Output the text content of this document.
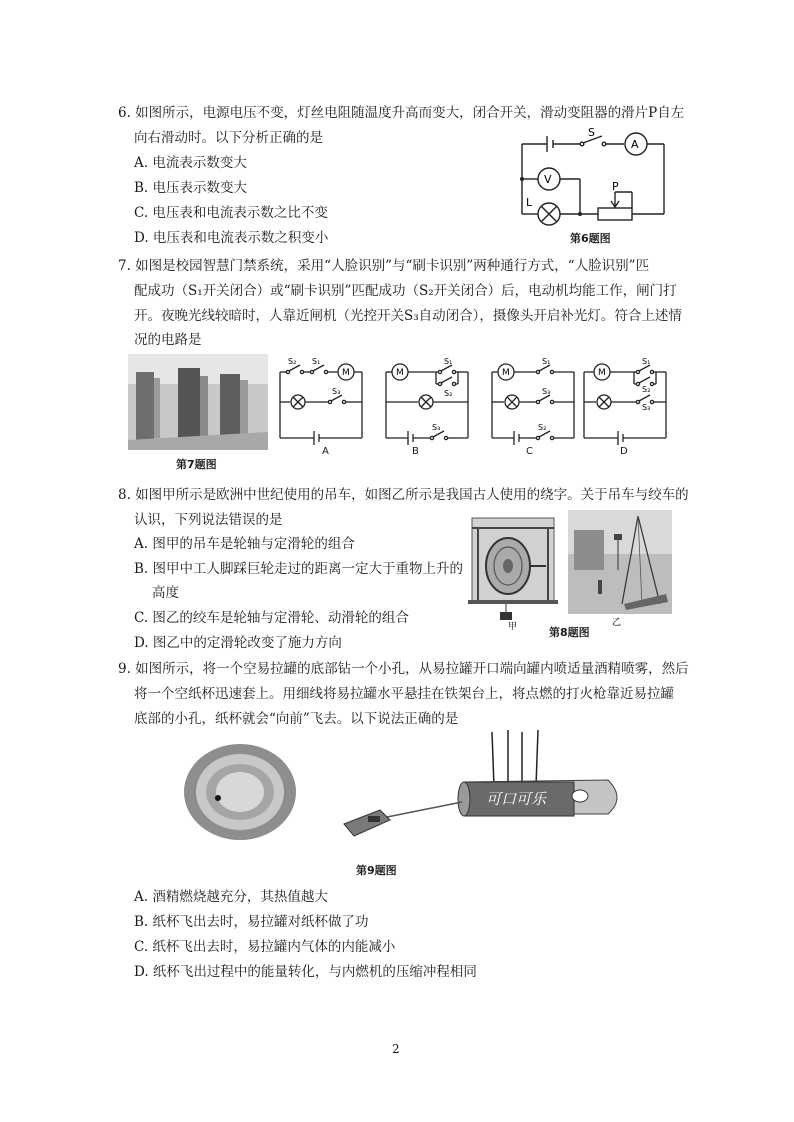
6. 如图所示，电源电压不变，灯丝电阻随温度升高而变大，闭合开关，滑动变阻器的滑片P自左
向右滑动时。以下分析正确的是
A. 电流表示数变大
B. 电压表示数变大
C. 电压表和电流表示数之比不变
D. 电压表和电流表示数之积变小
S
A
V
L
P
第6题图
7. 如图是校园智慧门禁系统，采用“人脸识别”与“刷卡识别”两种通行方式，“人脸识别”匹
配成功（S₁开关闭合）或“刷卡识别”匹配成功（S₂开关闭合）后，电动机均能工作，闸门打
开。夜晚光线较暗时，人靠近闸机（光控开关S₃自动闭合），摄像头开启补光灯。符合上述情
况的电路是
第7题图
S₂ S₁
M
S₃
A
M
S₁
S₂
S₃
B
M
S₁
S₃
S₂
C
M
S₁
S₂
S₃
D
8. 如图甲所示是欧洲中世纪使用的吊车，如图乙所示是我国古人使用的绕字。关于吊车与绞车的
认识，下列说法错误的是
A. 图甲的吊车是轮轴与定滑轮的组合
B. 图甲中工人脚踩巨轮走过的距离一定大于重物上升的
高度
C. 图乙的绞车是轮轴与定滑轮、动滑轮的组合
D. 图乙中的定滑轮改变了施力方向
甲	乙
第8题图
9. 如图所示，将一个空易拉罐的底部钻一个小孔，从易拉罐开口端向罐内喷适量酒精喷雾，然后
将一个空纸杯迅速套上。用细线将易拉罐水平悬挂在铁架台上，将点燃的打火枪靠近易拉罐
底部的小孔，纸杯就会“向前”飞去。以下说法正确的是
可口可乐
第9题图
A. 酒精燃烧越充分，其热值越大
B. 纸杯飞出去时，易拉罐对纸杯做了功
C. 纸杯飞出去时，易拉罐内气体的内能减小
D. 纸杯飞出过程中的能量转化，与内燃机的压缩冲程相同
2
